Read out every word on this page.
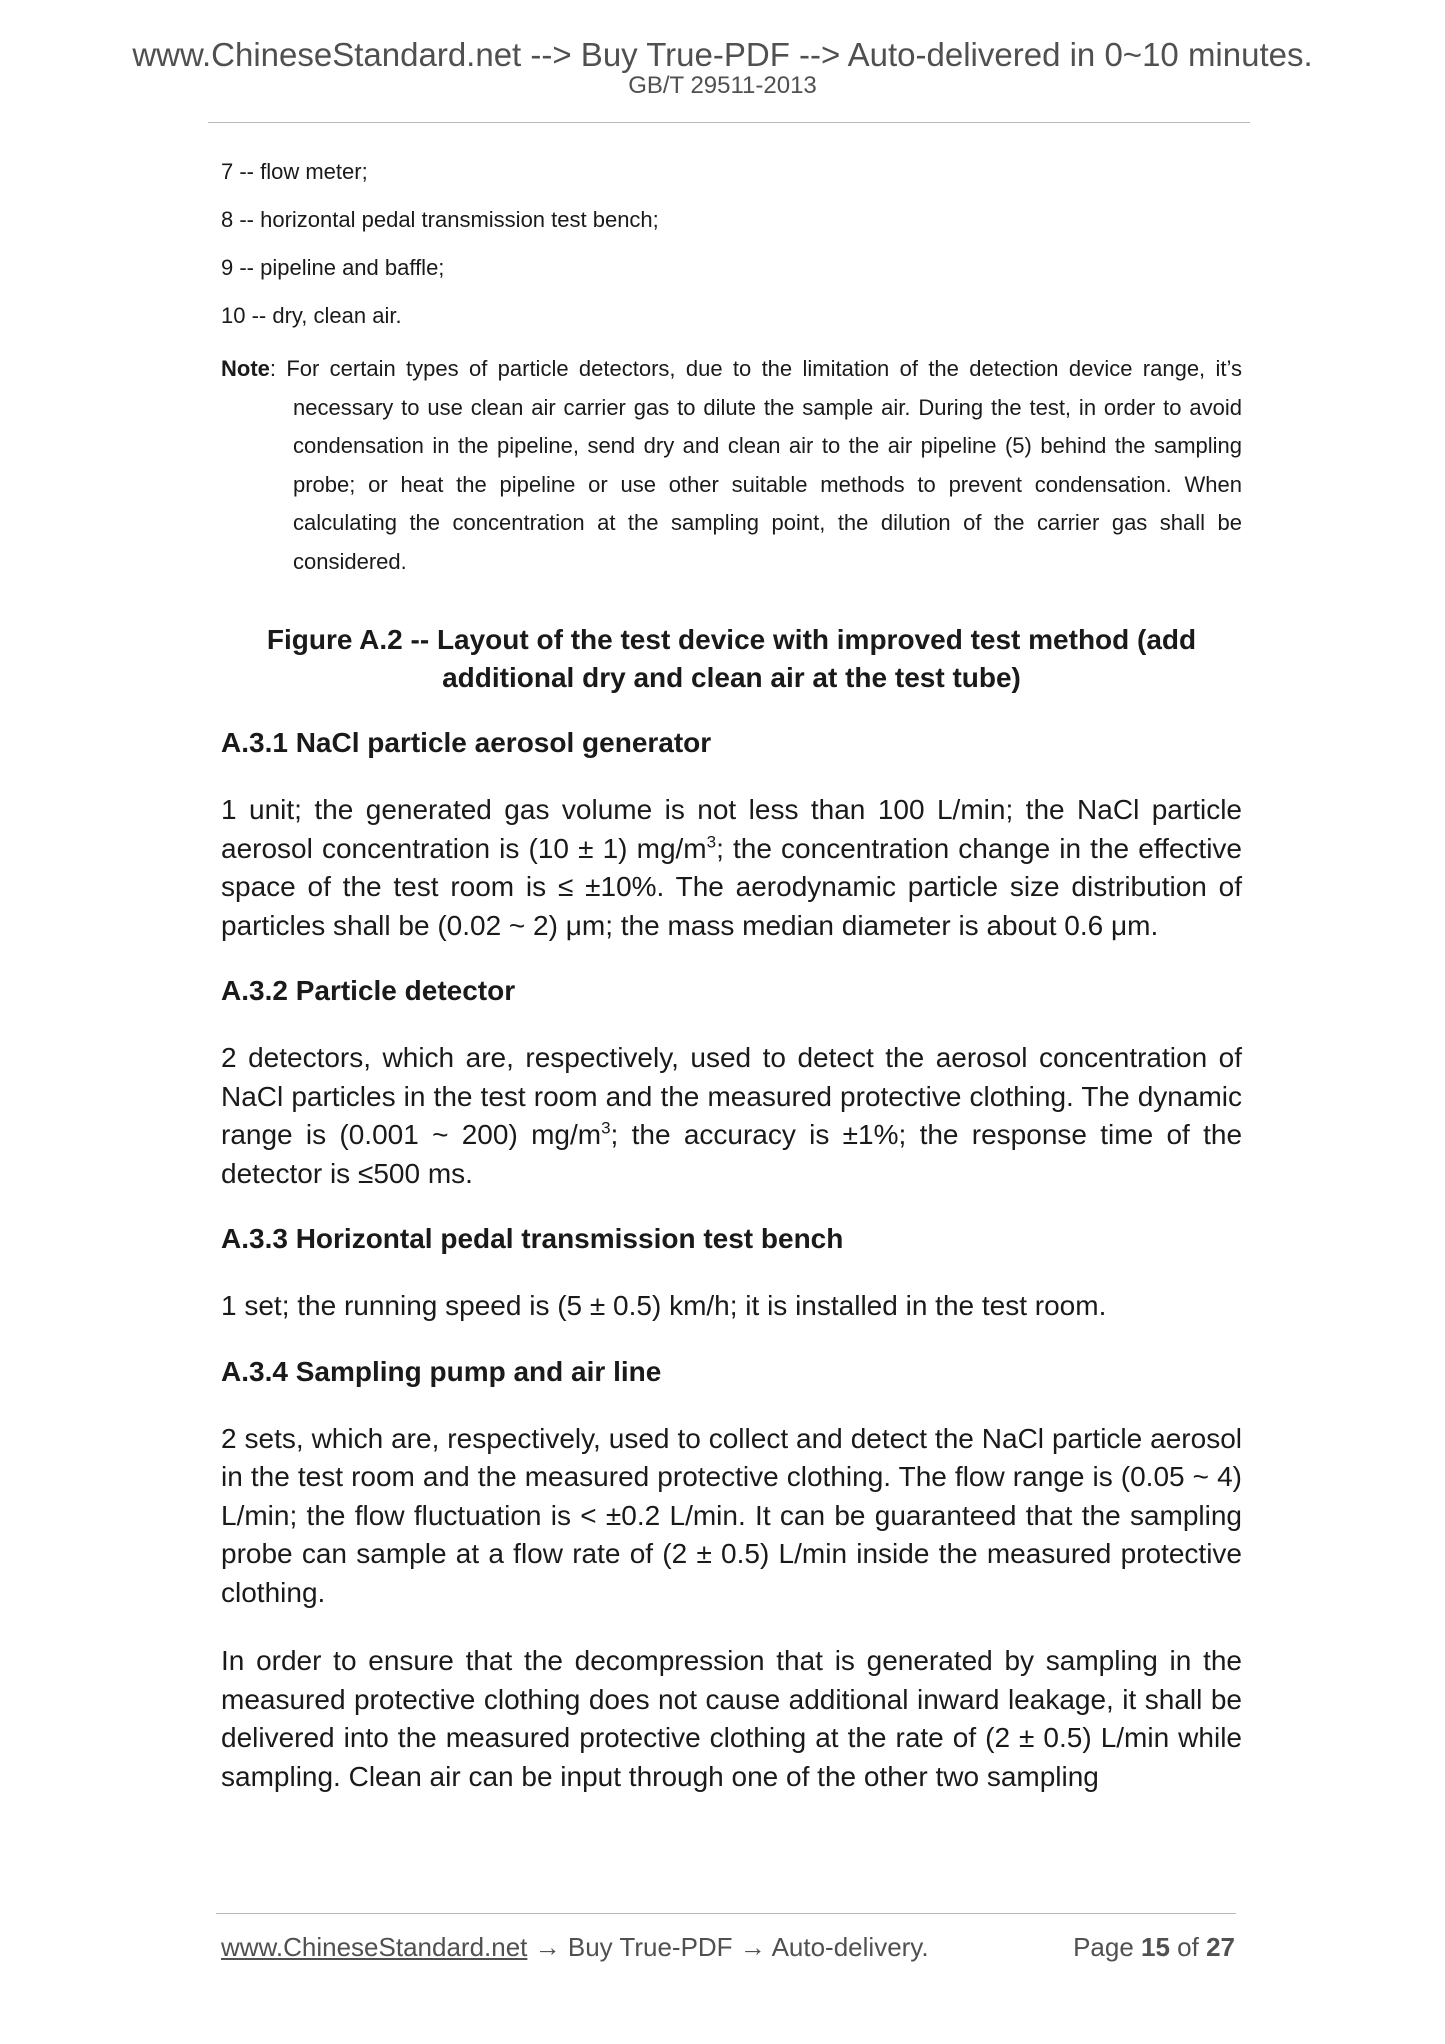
www.ChineseStandard.net --> Buy True-PDF --> Auto-delivered in 0~10 minutes.
GB/T 29511-2013

7 -- flow meter;

8 -- horizontal pedal transmission test bench;

9 -- pipeline and baffle;

10 -- dry, clean air.

Note: For certain types of particle detectors, due to the limitation of the detection device range, it’s necessary to use clean air carrier gas to dilute the sample air. During the test, in order to avoid condensation in the pipeline, send dry and clean air to the air pipeline (5) behind the sampling probe; or heat the pipeline or use other suitable methods to prevent condensation. When calculating the concentration at the sampling point, the dilution of the carrier gas shall be considered.

Figure A.2 -- Layout of the test device with improved test method (add additional dry and clean air at the test tube)

A.3.1 NaCl particle aerosol generator

1 unit; the generated gas volume is not less than 100 L/min; the NaCl particle aerosol concentration is (10 ± 1) $mg/m^3$; the concentration change in the effective space of the test room is ≤ ±10%. The aerodynamic particle size distribution of particles shall be (0.02 ~ 2) μm; the mass median diameter is about 0.6 μm.

A.3.2 Particle detector

2 detectors, which are, respectively, used to detect the aerosol concentration of NaCl particles in the test room and the measured protective clothing. The dynamic range is (0.001 ~ 200) $mg/m^3$; the accuracy is ±1%; the response time of the detector is ≤500 ms.

A.3.3 Horizontal pedal transmission test bench

1 set; the running speed is (5 ± 0.5) km/h; it is installed in the test room.

A.3.4 Sampling pump and air line

2 sets, which are, respectively, used to collect and detect the NaCl particle aerosol in the test room and the measured protective clothing. The flow range is (0.05 ~ 4) L/min; the flow fluctuation is < ±0.2 L/min. It can be guaranteed that the sampling probe can sample at a flow rate of (2 ± 0.5) L/min inside the measured protective clothing.

In order to ensure that the decompression that is generated by sampling in the measured protective clothing does not cause additional inward leakage, it shall be delivered into the measured protective clothing at the rate of (2 ± 0.5) L/min while sampling. Clean air can be input through one of the other two sampling

www.ChineseStandard.net → Buy True-PDF → Auto-delivery.	Page 15 of 27
